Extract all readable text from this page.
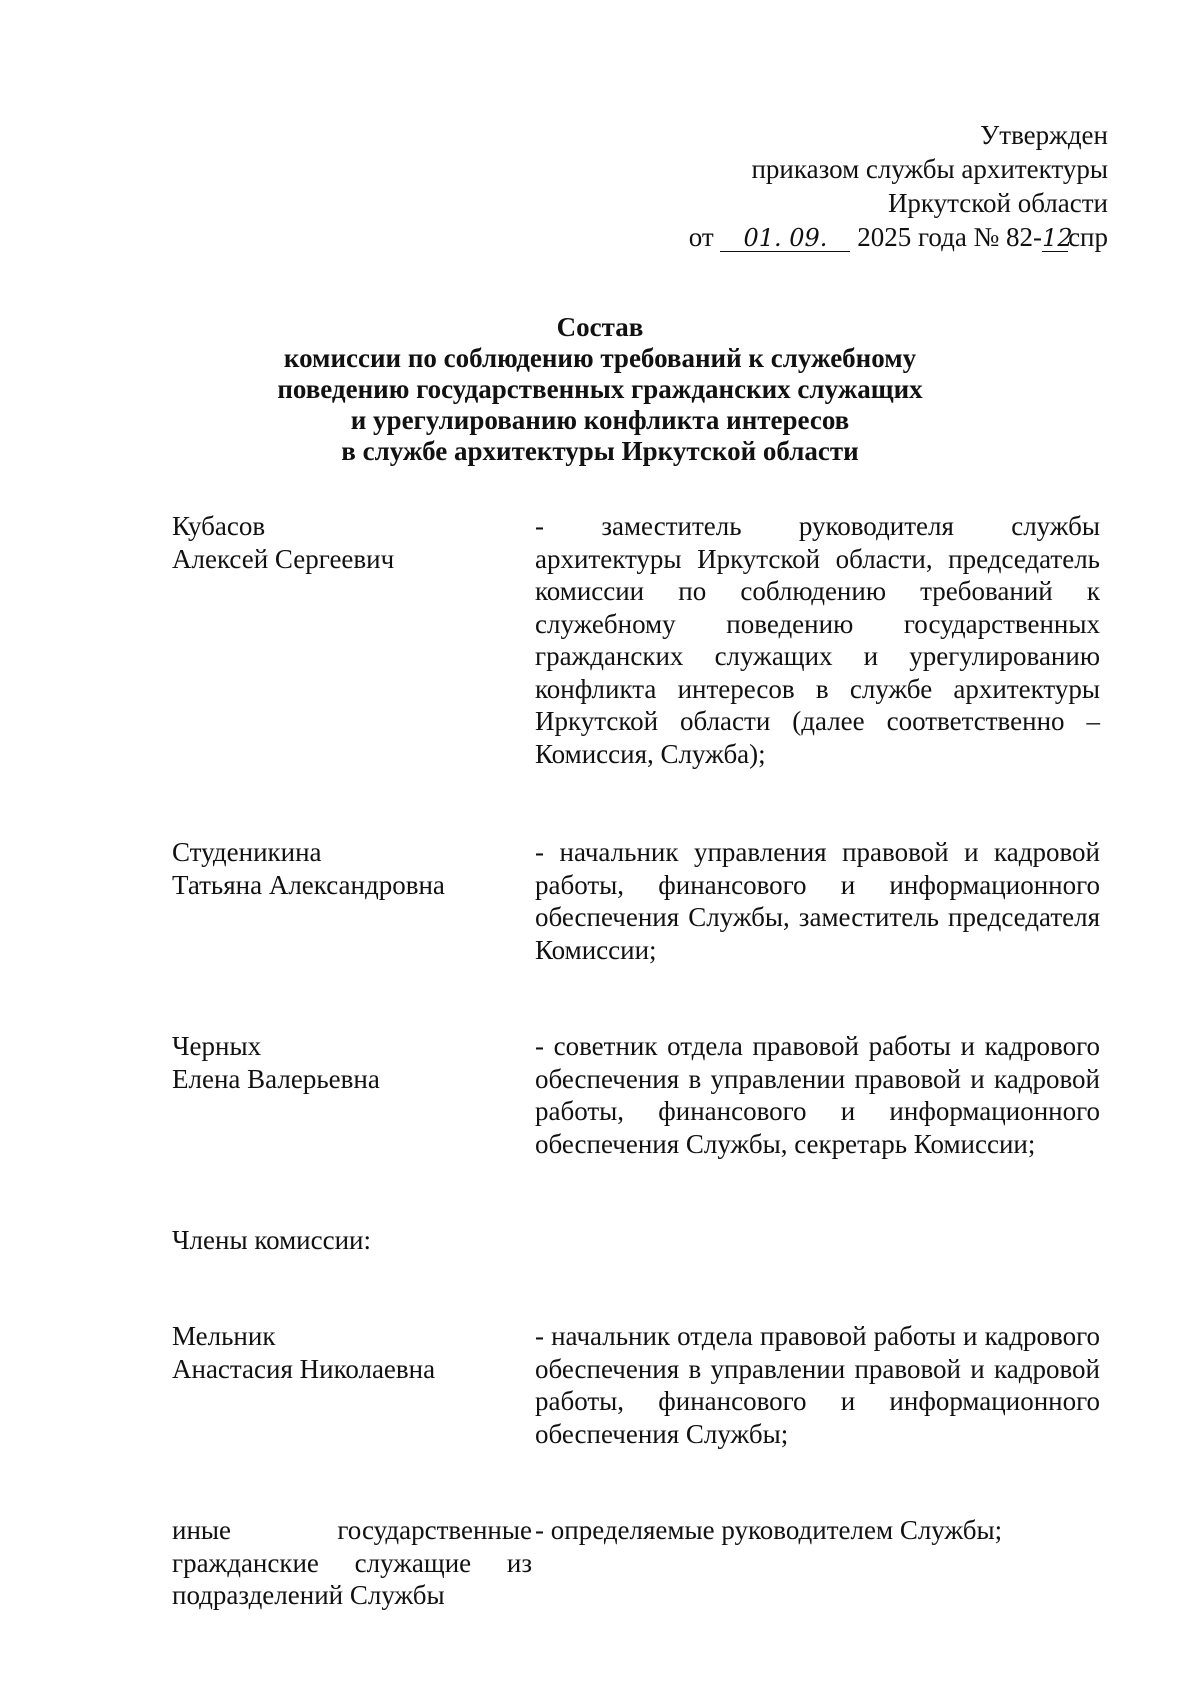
Утвержден
приказом службы архитектуры
Иркутской области
от 01. 09. 2025 года № 82-12спр
Состав
комиссии по соблюдению требований к служебному
поведению государственных гражданских служащих
и урегулированию конфликта интересов
в службе архитектуры Иркутской области
Кубасов
Алексей Сергеевич
- заместитель руководителя службы архитектуры Иркутской области, председатель комиссии по соблюдению требований к служебному поведению государственных гражданских служащих и урегулированию конфликта интересов в службе архитектуры Иркутской области (далее соответственно – Комиссия, Служба);
Студеникина
Татьяна Александровна
- начальник управления правовой и кадровой работы, финансового и информационного обеспечения Службы, заместитель председателя Комиссии;
Черных
Елена Валерьевна
- советник отдела правовой работы и кадрового обеспечения в управлении правовой и кадровой работы, финансового и информационного обеспечения Службы, секретарь Комиссии;
Члены комиссии:
Мельник
Анастасия Николаевна
- начальник отдела правовой работы и кадрового обеспечения в управлении правовой и кадровой работы, финансового и информационного обеспечения Службы;
иные государственные гражданские служащие из подразделений Службы
- определяемые руководителем Службы;
